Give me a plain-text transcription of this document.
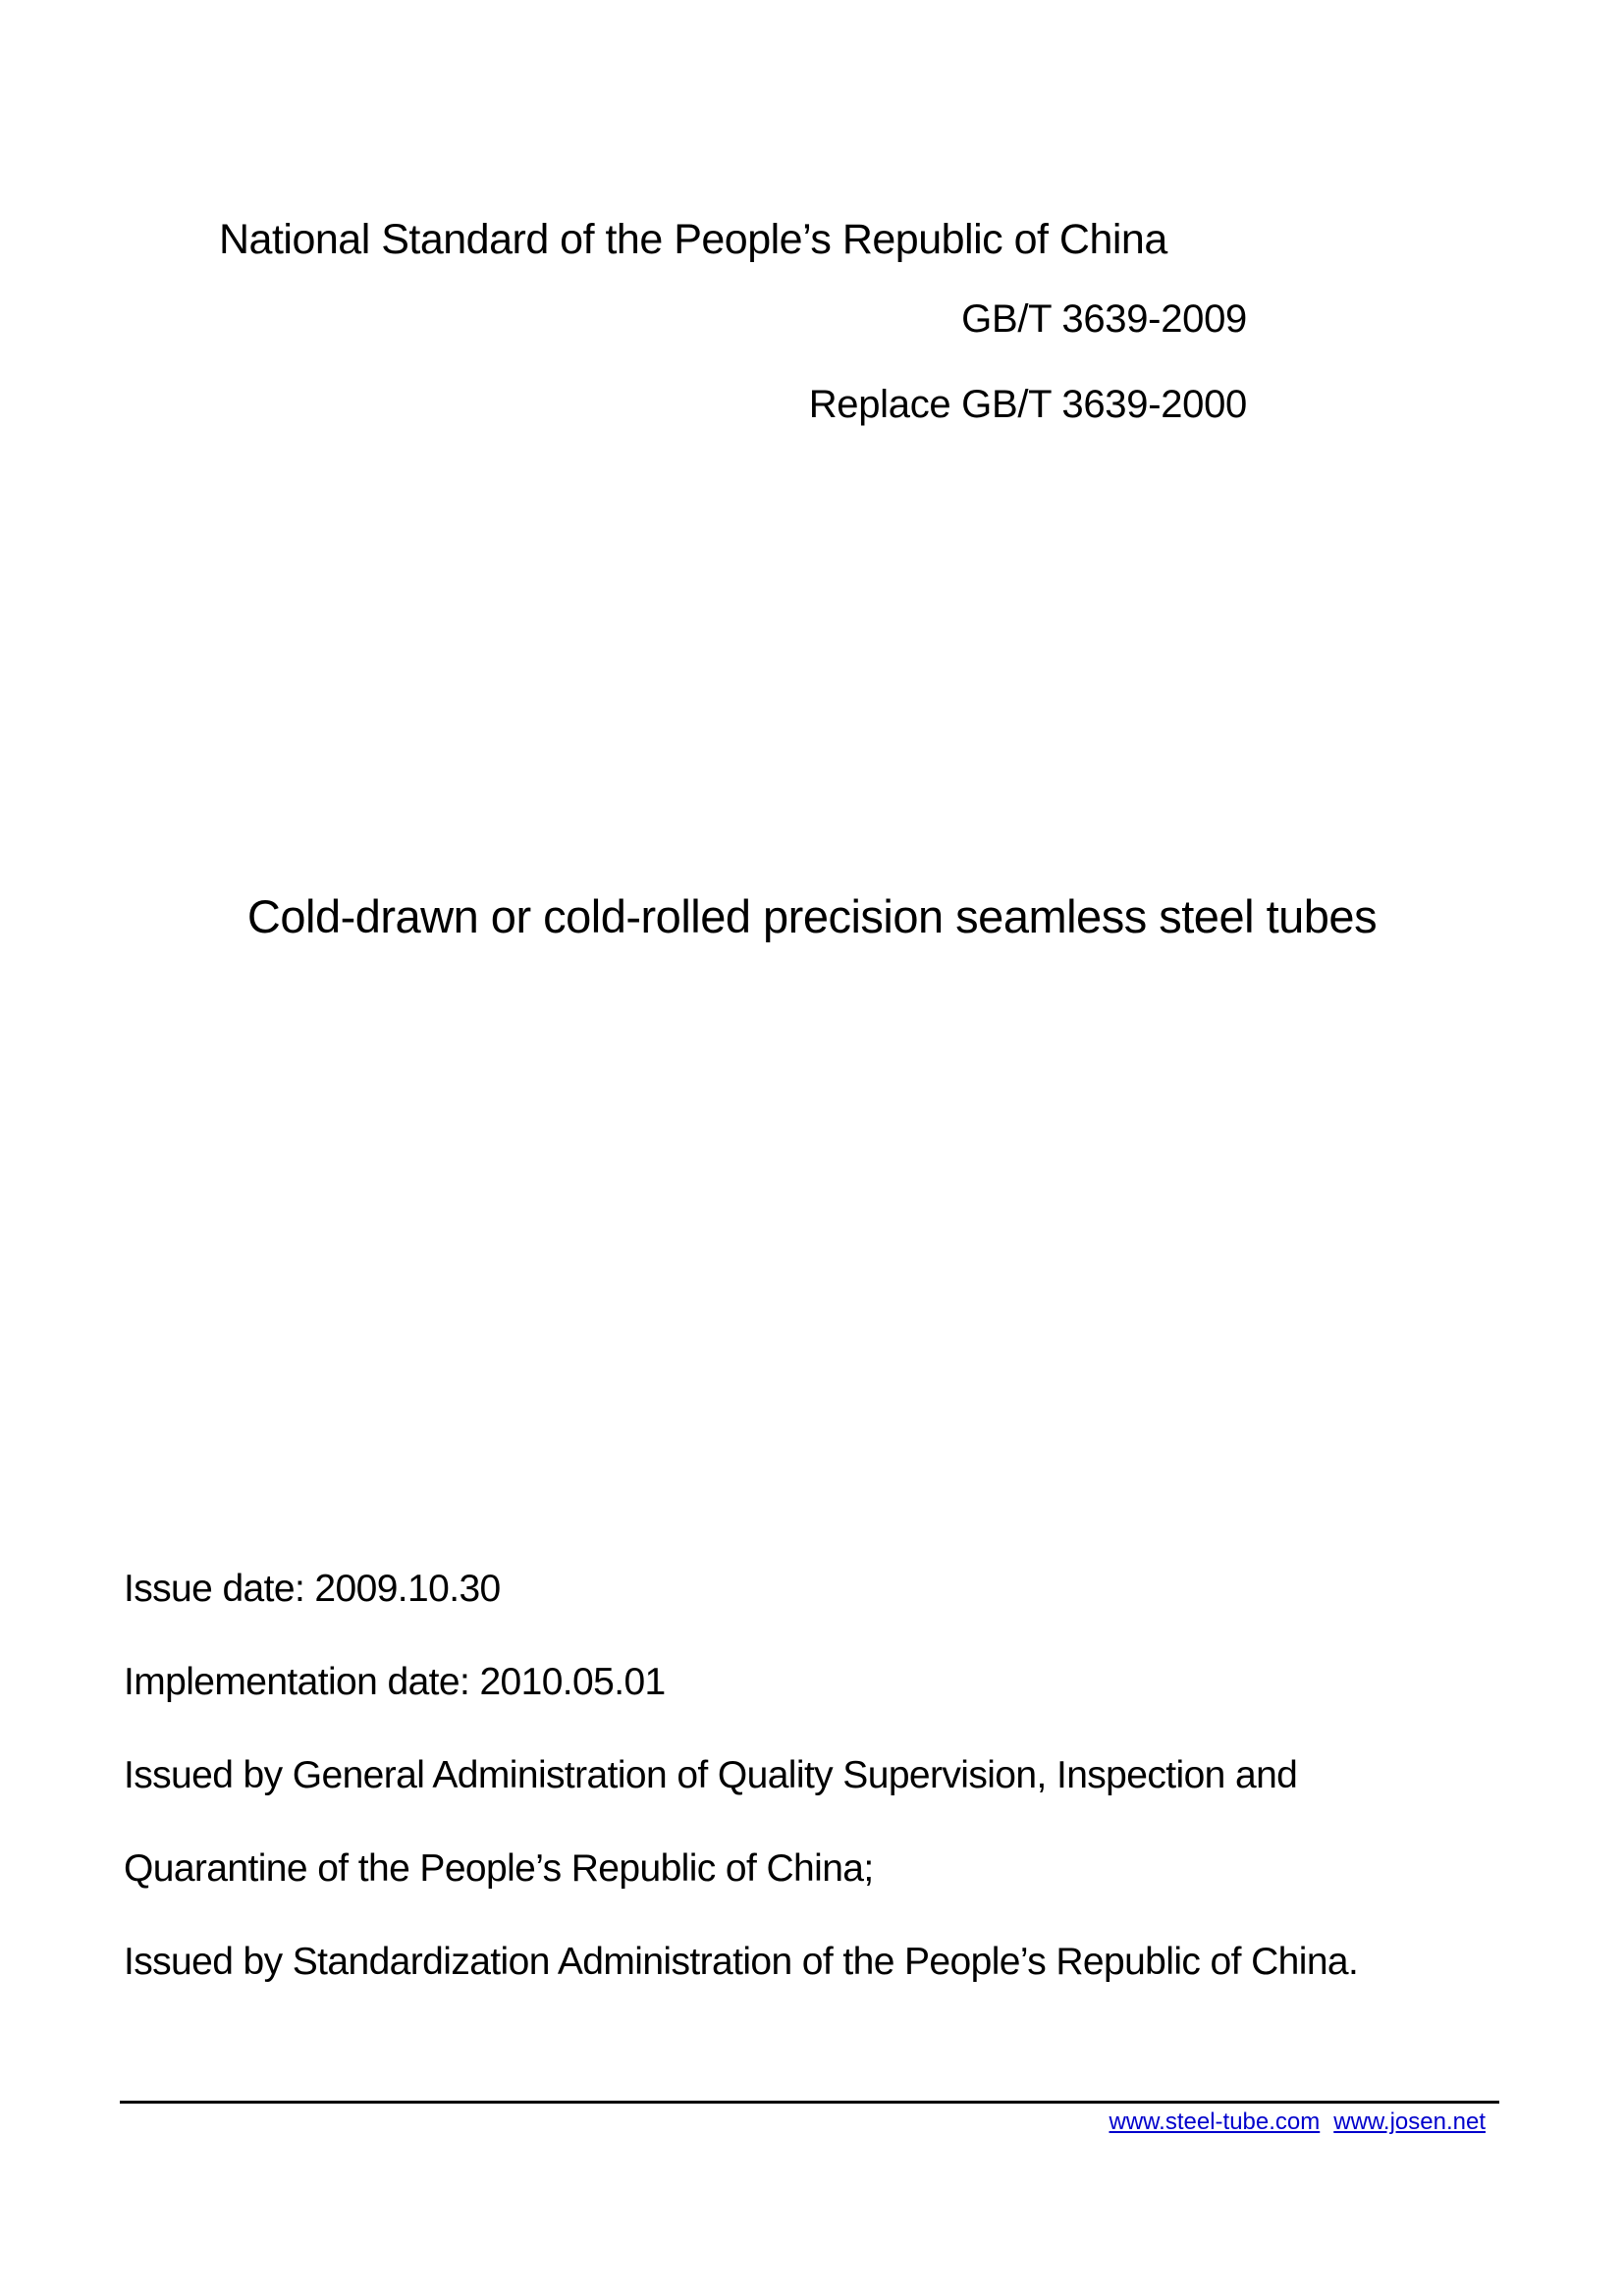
National Standard of the People’s Republic of China
GB/T 3639-2009
Replace GB/T 3639-2000
Cold-drawn or cold-rolled precision seamless steel tubes
Issue date: 2009.10.30
Implementation date: 2010.05.01
Issued by General Administration of Quality Supervision, Inspection and
Quarantine of the People’s Republic of China;
Issued by Standardization Administration of the People’s Republic of China.
www.steel-tube.com www.josen.net
